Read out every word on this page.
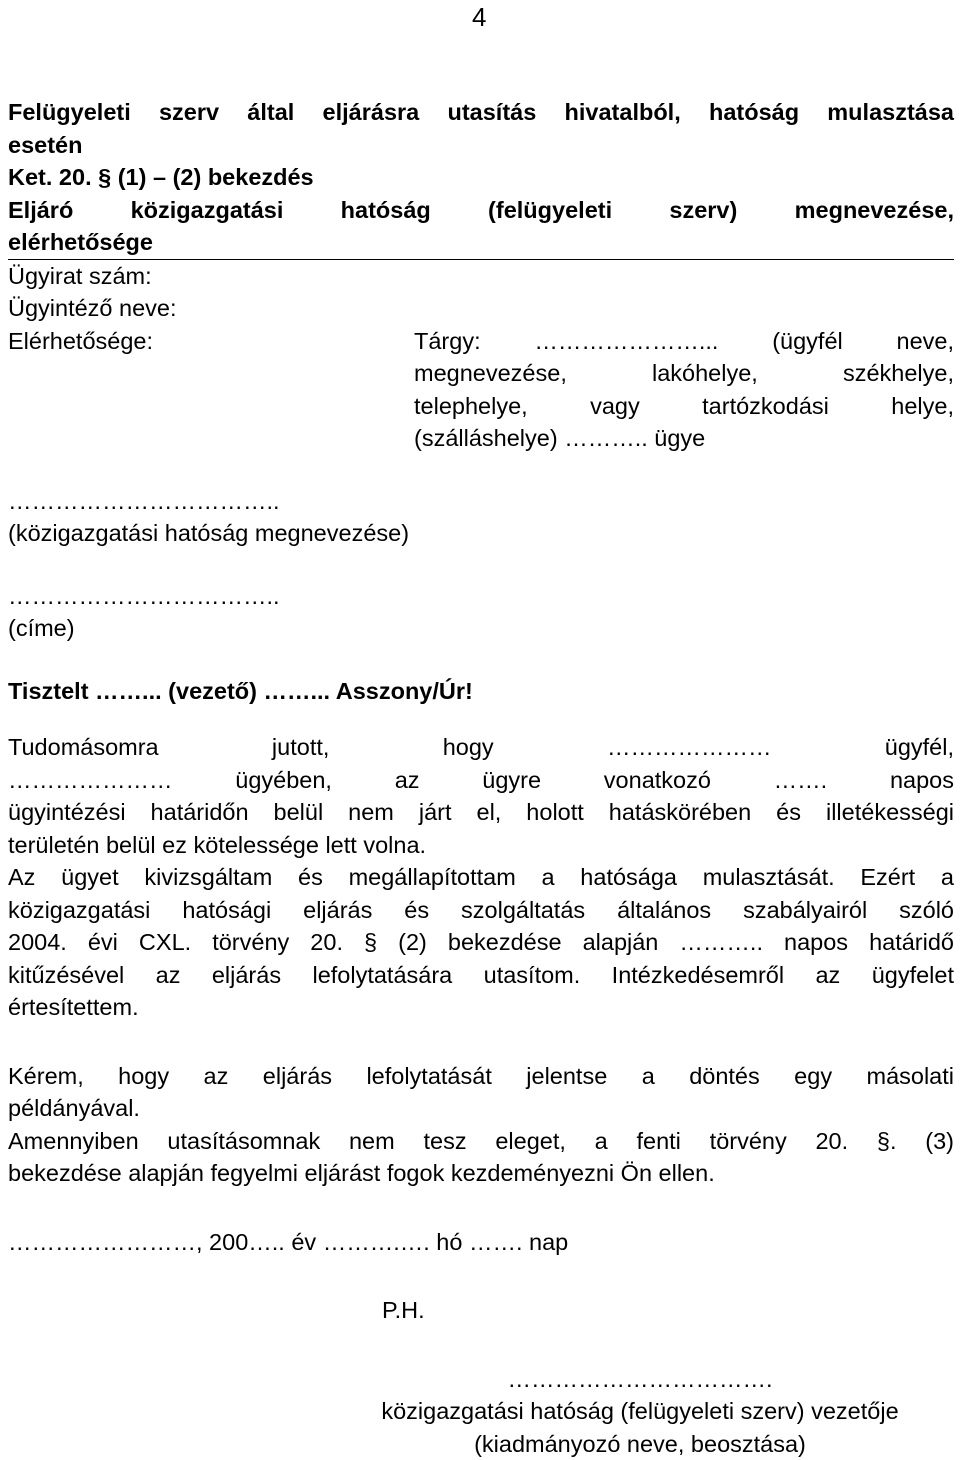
4
Felügyeleti szerv által eljárásra utasítás hivatalból, hatóság mulasztása
esetén
Ket. 20. § (1) – (2) bekezdés
Eljáró közigazgatási hatóság (felügyeleti szerv) megnevezése,
elérhetősége
Ügyirat szám:
Ügyintéző neve:
Elérhetősége:	Tárgy: …………………... (ügyfél neve,
megnevezése, lakóhelye, székhelye,
telephelye, vagy tartózkodási helye,
(szálláshelye) ……….. ügye
……………………………..
(közigazgatási hatóság megnevezése)
……………………………..
(címe)
Tisztelt ……... (vezető) ……... Asszony/Úr!
Tudomásomra jutott, hogy ………………… ügyfél,
………………… ügyében, az ügyre vonatkozó ……. napos
ügyintézési határidőn belül nem járt el, holott hatáskörében és illetékességi
területén belül ez kötelessége lett volna.
Az ügyet kivizsgáltam és megállapítottam a hatósága mulasztását. Ezért a
közigazgatási hatósági eljárás és szolgáltatás általános szabályairól szóló
2004. évi CXL. törvény 20. § (2) bekezdése alapján ……….. napos határidő
kitűzésével az eljárás lefolytatására utasítom. Intézkedésemről az ügyfelet
értesítettem.
Kérem, hogy az eljárás lefolytatását jelentse a döntés egy másolati
példányával.
Amennyiben utasításomnak nem tesz eleget, a fenti törvény 20. §. (3)
bekezdése alapján fegyelmi eljárást fogok kezdeményezni Ön ellen.
……………………, 200….. év ……….…. hó ……. nap
P.H.
…………………………….
közigazgatási hatóság (felügyeleti szerv) vezetője
(kiadmányozó neve, beosztása)
